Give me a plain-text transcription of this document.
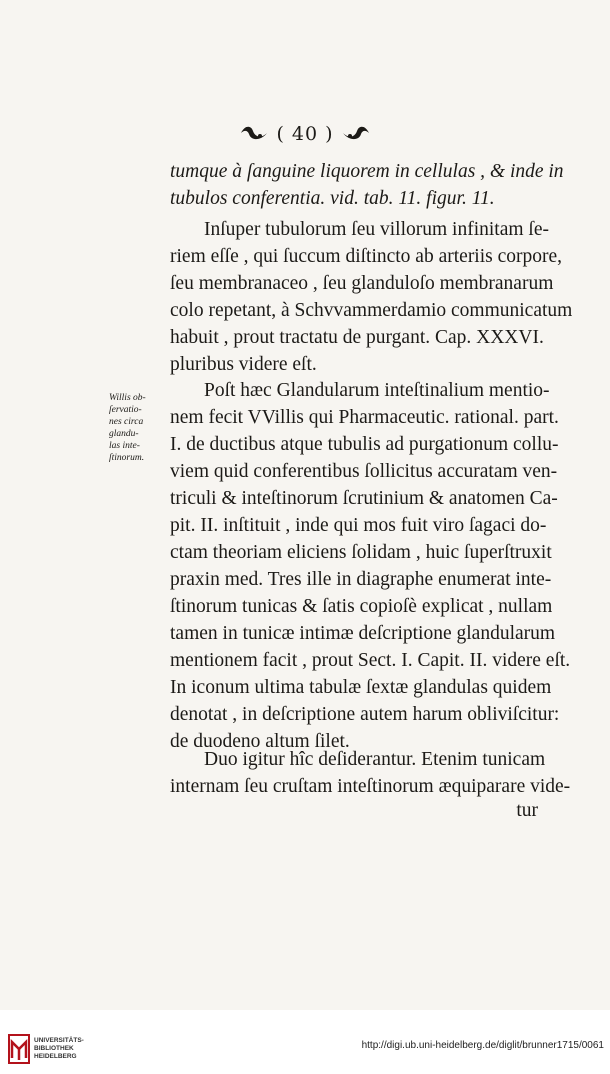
( 40 )
tumque à ſanguine liquorem in cellulas , & inde in
tubulos conferentia. vid. tab. 11. figur. 11.
Inſuper tubulorum ſeu villorum infinitam ſe-
riem eſſe , qui ſuccum diſtincto ab arteriis corpore,
ſeu membranaceo , ſeu glanduloſo membranarum
colo repetant, à Schvvammerdamio communicatum
habuit , prout tractatu de purgant. Cap. XXXVI.
pluribus videre eſt.
Willis ob-
ſervatio-
nes circa
glandu-
las inte-
ſtinorum.
Poſt hæc Glandularum inteſtinalium mentio-
nem fecit VVillis qui Pharmaceutic. rational. part.
I. de ductibus atque tubulis ad purgationum collu-
viem quid conferentibus ſollicitus accuratam ven-
triculi & inteſtinorum ſcrutinium & anatomen Ca-
pit. II. inſtituit , inde qui mos fuit viro ſagaci do-
ctam theoriam eliciens ſolidam , huic ſuperſtruxit
praxin med. Tres ille in diagraphe enumerat inte-
ſtinorum tunicas & ſatis copioſè explicat , nullam
tamen in tunicæ intimæ deſcriptione glandularum
mentionem facit , prout Sect. I. Capit. II. videre eſt.
In iconum ultima tabulæ ſextæ glandulas quidem
denotat , in deſcriptione autem harum obliviſcitur:
de duodeno altum ſilet.
Duo igitur hîc deſiderantur. Etenim tunicam
internam ſeu cruſtam inteſtinorum æquiparare vide-
tur
UNIVERSITÄTS-
BIBLIOTHEK
HEIDELBERG
http://digi.ub.uni-heidelberg.de/diglit/brunner1715/0061
